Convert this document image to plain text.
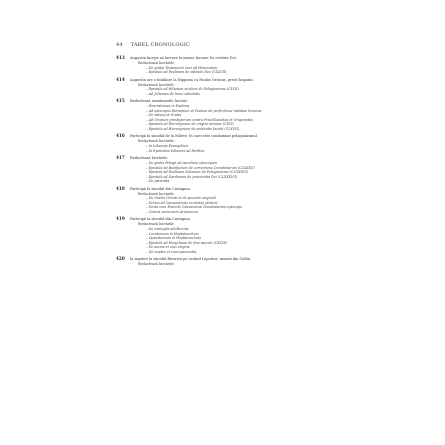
44 TABEL CRONOLOGIC
413	Augustin începe să lucreze la marea lucrare De civitate Dei.
Redactează lucrările:
– De gratia Testamenti novi ad Honoratum
– Epistula ad Paulinam de videndo Deo (CXLVII).
414	Augustin are o întâlnire la Hippona cu Paulus Orosius, preot hispanic.
Redactează lucrările:
– Epistula ad Hilarium siculum de Pelagianismo (CLVII)
– Ad Julianam de bono viduitatis
415	Redactează următoarele lucrări:
– Enarrationes in Psalmos
– Ad episcopos Eutropium et Paulum de perfectione iustitiae hominis
– De natura et Gratia
– Ad Orosium presbyterum contra Priscillianistas et Origenistas
– Epistula ad Hieronymum de origine animae (CXVI)
– Epistula ad Hieronymum de sententia Iacobi (CLXVII).
416	Participă la sinodul de la Mileve, în care este condamnat pelagianismul.
Redactează lucrările:
– In Iohannis Evangelium
– In Epistolam Iohannis ad Parthos.
417	Redactează lucrările:
– De gestis Pelagii ad Aurelium episcopum
– Epistula ad Bonifacium de correctione Donatistarum (CLXXXV)
– Epistula ad Paulinum Nolanum de Pelagianismo (CLXXXVI)
– Epistula ad Dardanum de praesentia Dei (CLXXXVII)
– De patientia.
418	Participă la sinodul din Cartagina.
Redactează lucrările:
– De Gratia Christi et de peccato originali
– Sermo ad Caesareensis ecclesiae plebem
– Gesta cum Emerito Caesareensi Donatistarum episcopo
– Contra sermonem Arianorum.
419	Participă la sinodul din Cartagina.
Redactează lucrările:
– De coniugiis adulterinis
– Locutionum in Heptateuchum
– Quaestionum in Heptateuchum
– Epistula ad Hesychium de fine saeculi (CXCIX)
– De anima et eius origine
– De nuptiis et concupiscentia.
420	Ia naştere la sinodul Bisericii pe cerând Leporius, monah din Gallia.
Redactează lucrările:
